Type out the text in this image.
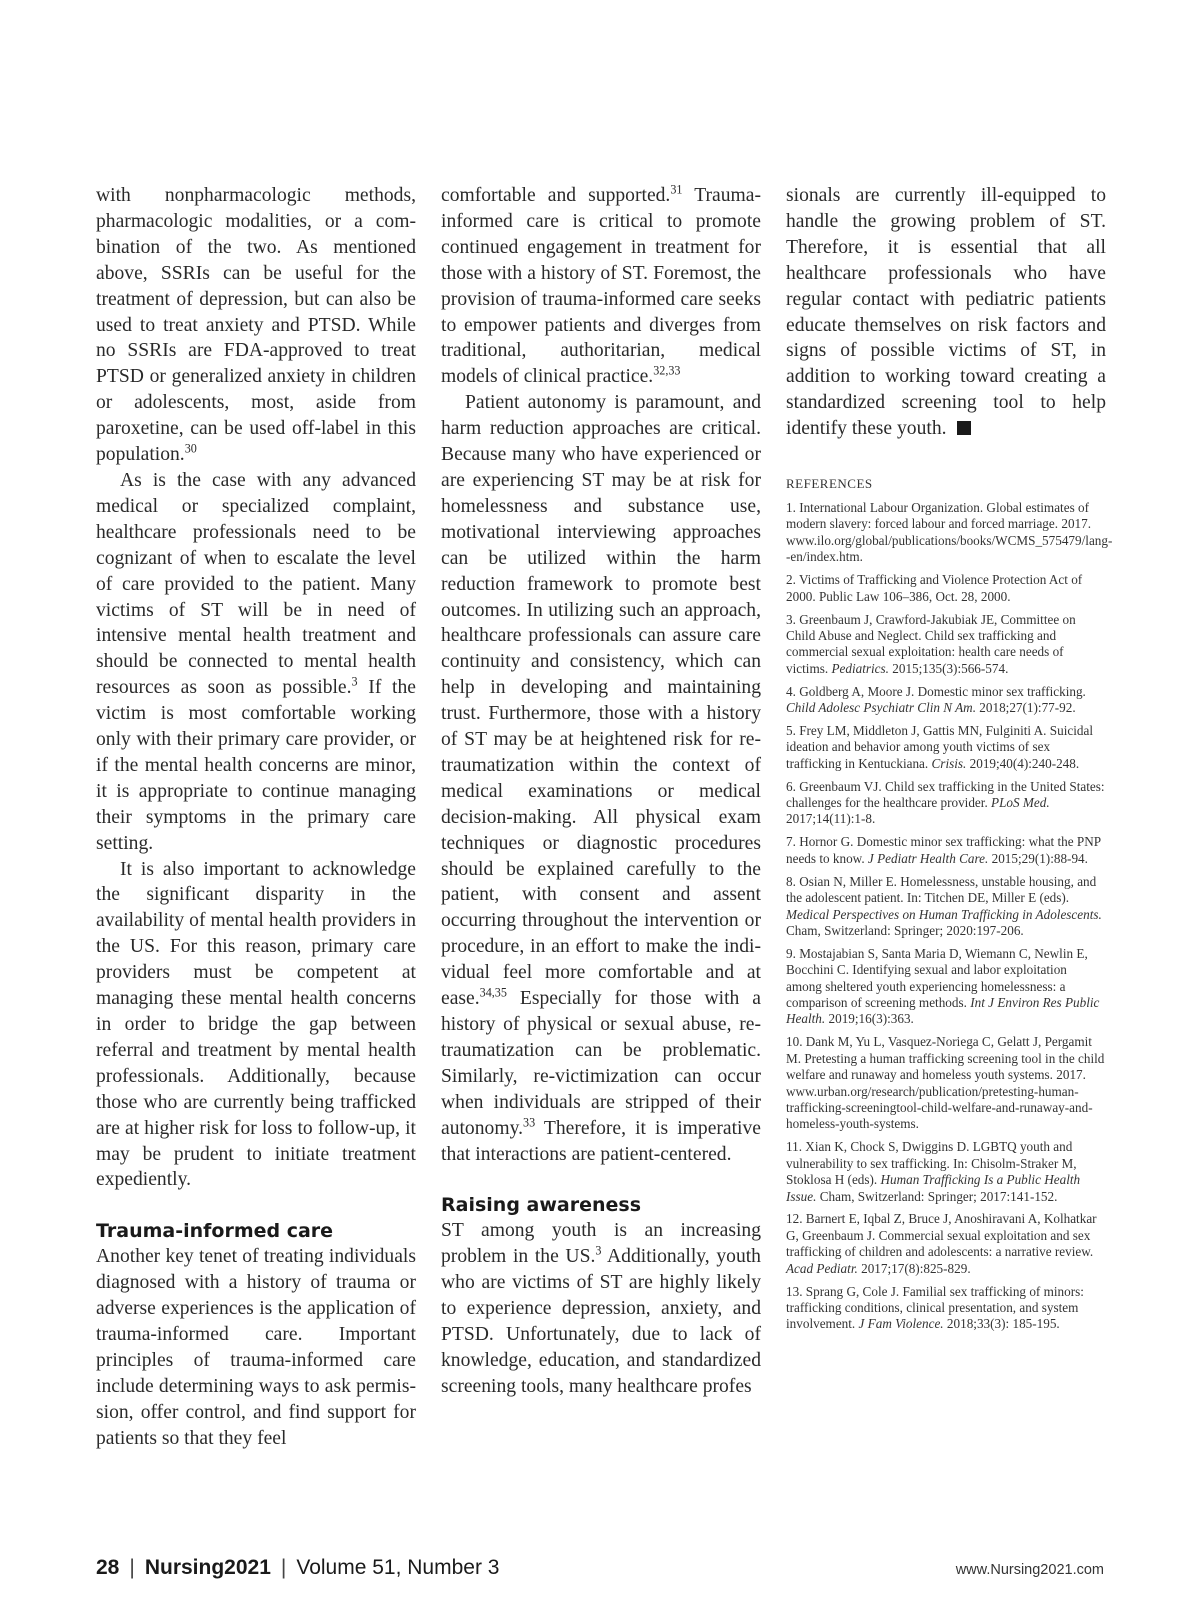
with nonpharmacologic methods, pharmacologic modalities, or a combination of the two. As mentioned above, SSRIs can be useful for the treatment of depression, but can also be used to treat anxiety and PTSD. While no SSRIs are FDA-approved to treat PTSD or generalized anxiety in children or adolescents, most, aside from paroxetine, can be used off-label in this population.$^{30}$

As is the case with any advanced medical or specialized complaint, healthcare professionals need to be cognizant of when to escalate the level of care provided to the patient. Many victims of ST will be in need of intensive mental health treatment and should be connected to mental health resources as soon as possible.$^3$ If the victim is most comfortable working only with their primary care provider, or if the mental health concerns are minor, it is appropriate to continue managing their symptoms in the primary care setting.

It is also important to acknowledge the significant disparity in the availability of mental health providers in the US. For this reason, primary care providers must be competent at managing these mental health concerns in order to bridge the gap between referral and treatment by mental health professionals. Additionally, because those who are currently being trafficked are at higher risk for loss to follow-up, it may be prudent to initiate treatment expediently.

Trauma-informed care

Another key tenet of treating individuals diagnosed with a history of trauma or adverse experiences is the application of trauma-informed care. Important principles of trauma-informed care include determining ways to ask permission, offer control, and find support for patients so that they feel

comfortable and supported.$^{31}$ Trauma-informed care is critical to promote continued engagement in treatment for those with a history of ST. Foremost, the provision of trauma-informed care seeks to empower patients and diverges from traditional, authoritarian, medical models of clinical practice.$^{32,33}$

Patient autonomy is paramount, and harm reduction approaches are critical. Because many who have experienced or are experiencing ST may be at risk for homelessness and substance use, motivational interviewing approaches can be utilized within the harm reduction framework to promote best outcomes. In utilizing such an approach, healthcare professionals can assure care continuity and consistency, which can help in developing and maintaining trust. Furthermore, those with a history of ST may be at heightened risk for re-traumatization within the context of medical examinations or medical decision-making. All physical exam techniques or diagnostic procedures should be explained carefully to the patient, with consent and assent occurring throughout the intervention or procedure, in an effort to make the individual feel more comfortable and at ease.$^{34,35}$ Especially for those with a history of physical or sexual abuse, re-traumatization can be problematic. Similarly, re-victimization can occur when individuals are stripped of their autonomy.$^{33}$ Therefore, it is imperative that interactions are patient-centered.

Raising awareness

ST among youth is an increasing problem in the US.$^3$ Additionally, youth who are victims of ST are highly likely to experience depression, anxiety, and PTSD. Unfortunately, due to lack of knowledge, education, and standardized screening tools, many healthcare profes

sionals are currently ill-equipped to handle the growing problem of ST. Therefore, it is essential that all healthcare professionals who have regular contact with pediatric patients educate themselves on risk factors and signs of possible victims of ST, in addition to working toward creating a standardized screening tool to help identify these youth.

REFERENCES
1. International Labour Organization. Global estimates of modern slavery: forced labour and forced marriage. 2017. www.ilo.org/global/publications/books/WCMS_575479/lang--en/index.htm.
2. Victims of Trafficking and Violence Protection Act of 2000. Public Law 106–386, Oct. 28, 2000.
3. Greenbaum J, Crawford-Jakubiak JE, Committee on Child Abuse and Neglect. Child sex trafficking and commercial sexual exploitation: health care needs of victims. Pediatrics. 2015;135(3):566-574.
4. Goldberg A, Moore J. Domestic minor sex trafficking. Child Adolesc Psychiatr Clin N Am. 2018;27(1):77-92.
5. Frey LM, Middleton J, Gattis MN, Fulginiti A. Suicidal ideation and behavior among youth victims of sex trafficking in Kentuckiana. Crisis. 2019;40(4):240-248.
6. Greenbaum VJ. Child sex trafficking in the United States: challenges for the healthcare provider. PLoS Med. 2017;14(11):1-8.
7. Hornor G. Domestic minor sex trafficking: what the PNP needs to know. J Pediatr Health Care. 2015;29(1):88-94.
8. Osian N, Miller E. Homelessness, unstable housing, and the adolescent patient. In: Titchen DE, Miller E (eds). Medical Perspectives on Human Trafficking in Adolescents. Cham, Switzerland: Springer; 2020:197-206.
9. Mostajabian S, Santa Maria D, Wiemann C, Newlin E, Bocchini C. Identifying sexual and labor exploitation among sheltered youth experiencing homelessness: a comparison of screening methods. Int J Environ Res Public Health. 2019;16(3):363.
10. Dank M, Yu L, Vasquez-Noriega C, Gelatt J, Pergamit M. Pretesting a human trafficking screening tool in the child welfare and runaway and homeless youth systems. 2017. www.urban.org/research/publication/pretesting-human-trafficking-screeningtool-child-welfare-and-runaway-and-homeless-youth-systems.
11. Xian K, Chock S, Dwiggins D. LGBTQ youth and vulnerability to sex trafficking. In: Chisolm-Straker M, Stoklosa H (eds). Human Trafficking Is a Public Health Issue. Cham, Switzerland: Springer; 2017:141-152.
12. Barnert E, Iqbal Z, Bruce J, Anoshiravani A, Kolhatkar G, Greenbaum J. Commercial sexual exploitation and sex trafficking of children and adolescents: a narrative review. Acad Pediatr. 2017;17(8):825-829.
13. Sprang G, Cole J. Familial sex trafficking of minors: trafficking conditions, clinical presentation, and system involvement. J Fam Violence. 2018;33(3): 185-195.
28 | Nursing2021 | Volume 51, Number 3	www.Nursing2021.com
